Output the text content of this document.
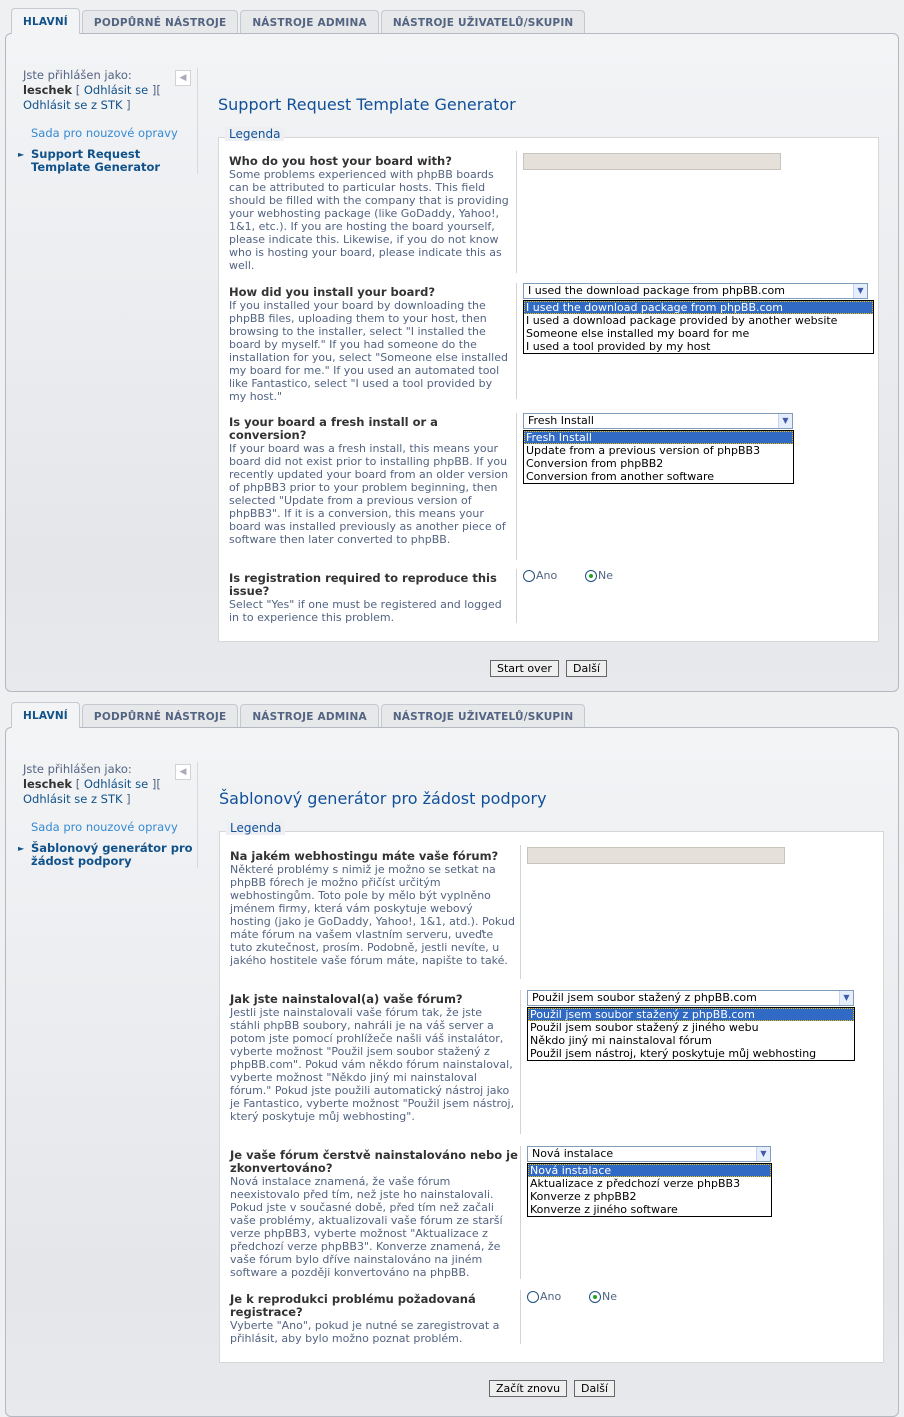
HLAVNÍ	PODPŮRNÉ NÁSTROJE	NÁSTROJE ADMINA	NÁSTROJE UŽIVATELŮ/SKUPIN
◀
Jste přihlášen jako:
leschek [ Odhlásit se ][ Odhlásit se z STK ]
Sada pro nouzové opravy
► Support Request Template Generator
Support Request Template Generator
Legenda
Who do you host your board with?
Some problems experienced with phpBB boards can be attributed to particular hosts. This field should be filled with the company that is providing your webhosting package (like GoDaddy, Yahoo!, 1&1, etc.). If you are hosting the board yourself, please indicate this. Likewise, if you do not know who is hosting your board, please indicate this as well.
How did you install your board?
If you installed your board by downloading the phpBB files, uploading them to your host, then browsing to the installer, select "I installed the board by myself." If you had someone do the installation for you, select "Someone else installed my board for me." If you used an automated tool like Fantastico, select "I used a tool provided by my host."
I used the download package from phpBB.com	▼
I used the download package from phpBB.com
I used a download package provided by another website
Someone else installed my board for me
I used a tool provided by my host
Is your board a fresh install or a conversion?
If your board was a fresh install, this means your board did not exist prior to installing phpBB. If you recently updated your board from an older version of phpBB3 prior to your problem beginning, then selected "Update from a previous version of phpBB3". If it is a conversion, this means your board was installed previously as another piece of software then later converted to phpBB.
Fresh Install	▼
Fresh Install
Update from a previous version of phpBB3
Conversion from phpBB2
Conversion from another software
Is registration required to reproduce this issue?
Select "Yes" if one must be registered and logged in to experience this problem.
Ano	Ne
Start over	Další
HLAVNÍ	PODPŮRNÉ NÁSTROJE	NÁSTROJE ADMINA	NÁSTROJE UŽIVATELŮ/SKUPIN
◀
Jste přihlášen jako:
leschek [ Odhlásit se ][ Odhlásit se z STK ]
Sada pro nouzové opravy
► Šablonový generátor pro žádost podpory
Šablonový generátor pro žádost podpory
Legenda
Na jakém webhostingu máte vaše fórum?
Některé problémy s nimiž je možno se setkat na phpBB fórech je možno přičíst určitým webhostingům. Toto pole by mělo být vyplněno jménem firmy, která vám poskytuje webový hosting (jako je GoDaddy, Yahoo!, 1&1, atd.). Pokud máte fórum na vašem vlastním serveru, uveďte tuto zkutečnost, prosím. Podobně, jestli nevíte, u jakého hostitele vaše fórum máte, napište to také.
Jak jste nainstaloval(a) vaše fórum?
Jestli jste nainstalovali vaše fórum tak, že jste stáhli phpBB soubory, nahráli je na váš server a potom jste pomocí prohlížeče našli váš instalátor, vyberte možnost "Použil jsem soubor stažený z phpBB.com". Pokud vám někdo fórum nainstaloval, vyberte možnost "Někdo jiný mi nainstaloval fórum." Pokud jste použili automatický nástroj jako je Fantastico, vyberte možnost "Použil jsem nástroj, který poskytuje můj webhosting".
Použil jsem soubor stažený z phpBB.com	▼
Použil jsem soubor stažený z phpBB.com
Použil jsem soubor stažený z jiného webu
Někdo jiný mi nainstaloval fórum
Použil jsem nástroj, který poskytuje můj webhosting
Je vaše fórum čerstvě nainstalováno nebo je zkonvertováno?
Nová instalace znamená, že vaše fórum neexistovalo před tím, než jste ho nainstalovali. Pokud jste v současné době, před tím než začali vaše problémy, aktualizovali vaše fórum ze starší verze phpBB3, vyberte možnost "Aktualizace z předchozí verze phpBB3". Konverze znamená, že vaše fórum bylo dříve nainstalováno na jiném software a později konvertováno na phpBB.
Nová instalace	▼
Nová instalace
Aktualizace z předchozí verze phpBB3
Konverze z phpBB2
Konverze z jiného software
Je k reprodukci problému požadovaná registrace?
Vyberte "Ano", pokud je nutné se zaregistrovat a přihlásit, aby bylo možno poznat problém.
Ano	Ne
Začít znovu	Další
